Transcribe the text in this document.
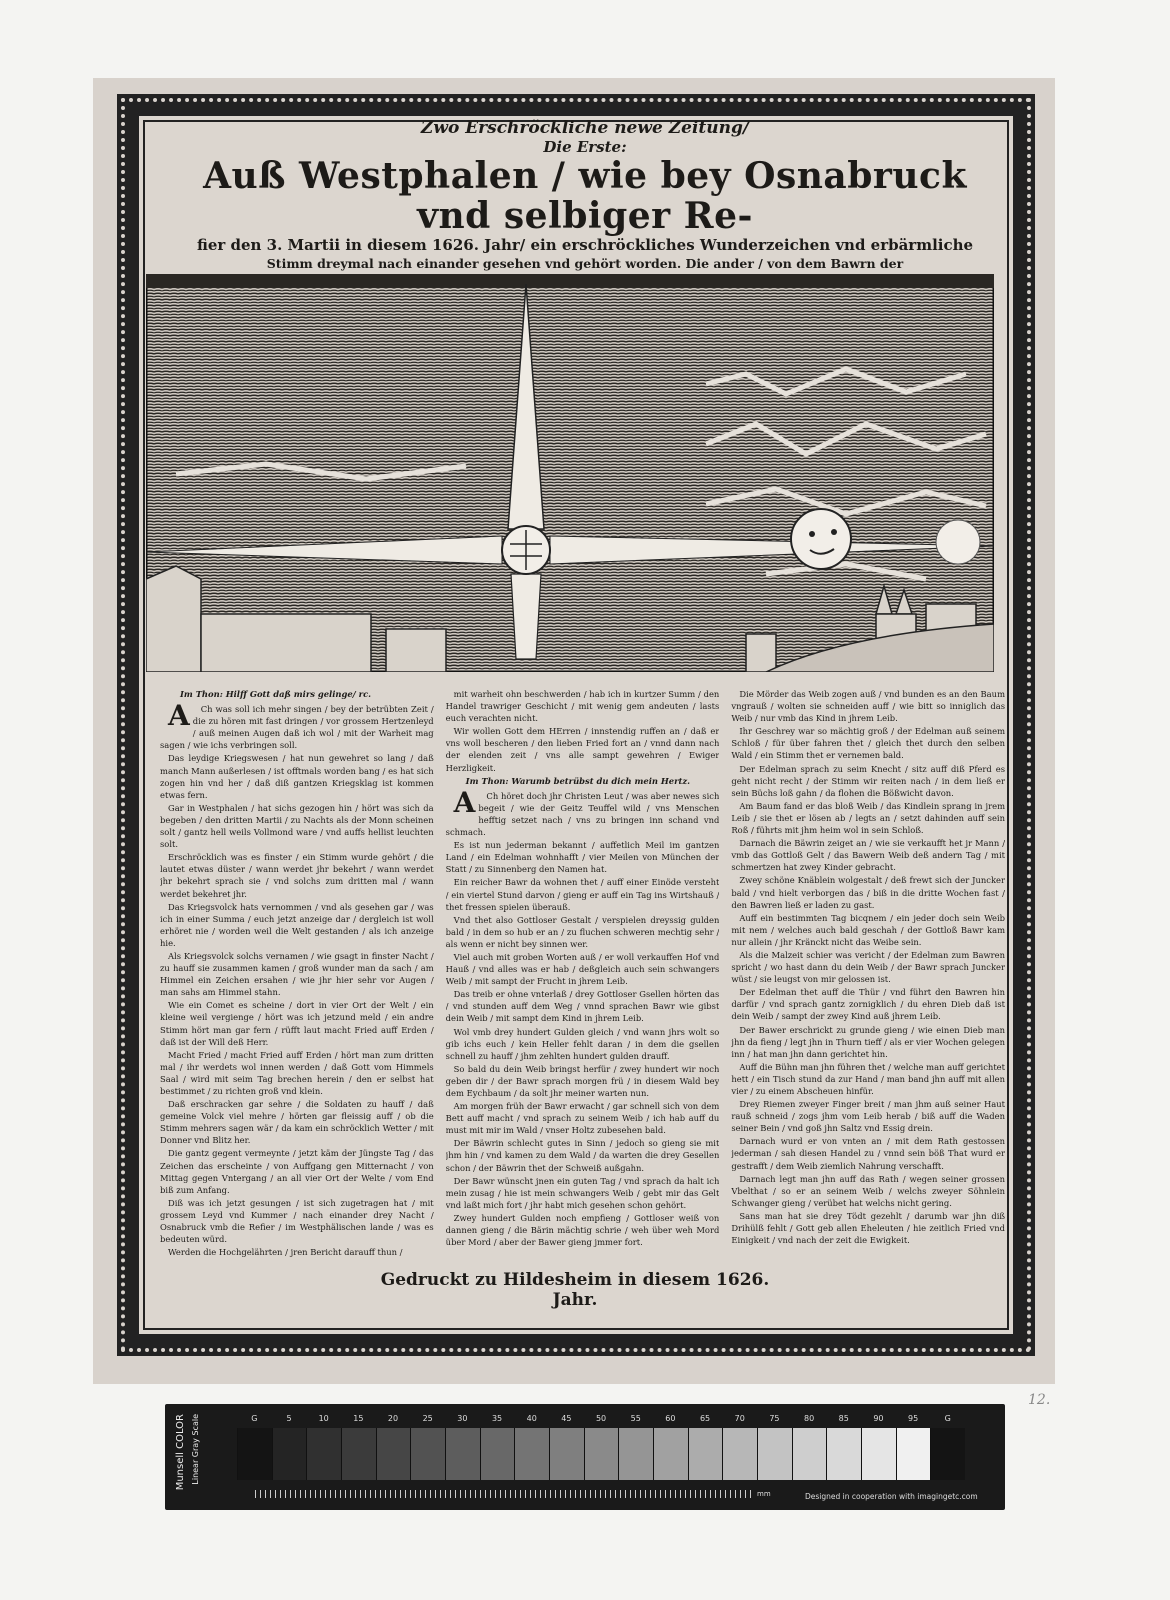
Zwo Erschröckliche newe Zeitung/
Die Erste:
Auß Westphalen / wie bey Osnabruck vnd selbiger Re-
fier den 3. Martii in diesem 1626. Jahr/ ein erschröckliches Wunderzeichen vnd erbärmliche
Stimm dreymal nach einander gesehen vnd gehört worden. Die ander / von dem Bawrn der

Im Thon: Hilff Gott daß mirs gelinge/ rc.

A Ch was soll ich mehr singen / bey der betrübten Zeit / die zu hören mit fast dringen / vor grossem Hertzenleyd / auß meinen Augen daß ich wol / mit der Warheit mag sagen / wie ichs verbringen soll.

Das leydige Kriegswesen / hat nun gewehret so lang / daß manch Mann außerlesen / ist offtmals worden bang / es hat sich zogen hin vnd her / daß diß gantzen Kriegsklag ist kommen etwas fern.

Gar in Westphalen / hat sichs gezogen hin / hört was sich da begeben / den dritten Martii / zu Nachts als der Monn scheinen solt / gantz hell weils Vollmond ware / vnd auffs hellist leuchten solt.

Erschröcklich was es finster / ein Stimm wurde gehört / die lautet etwas düster / wann werdet jhr bekehrt / wann werdet jhr bekehrt sprach sie / vnd solchs zum dritten mal / wann werdet bekehret jhr.

Das Kriegsvolck hats vernommen / vnd als gesehen gar / was ich in einer Summa / euch jetzt anzeige dar / dergleich ist woll erhöret nie / worden weil die Welt gestanden / als ich anzeige hie.

Als Kriegsvolck solchs vernamen / wie gsagt in finster Nacht / zu hauff sie zusammen kamen / groß wunder man da sach / am Himmel ein Zeichen ersahen / wie jhr hier sehr vor Augen / man sahs am Himmel stahn.

Wie ein Comet es scheine / dort in vier Ort der Welt / ein kleine weil vergienge / hört was ich jetzund meld / ein andre Stimm hört man gar fern / rüfft laut macht Fried auff Erden / daß ist der Will deß Herr.

Macht Fried / macht Fried auff Erden / hört man zum dritten mal / ihr werdets wol innen werden / daß Gott vom Himmels Saal / wird mit seim Tag brechen herein / den er selbst hat bestimmet / zu richten groß vnd klein.

Daß erschracken gar sehre / die Soldaten zu hauff / daß gemeine Volck viel mehre / hörten gar fleissig auff / ob die Stimm mehrers sagen wär / da kam ein schröcklich Wetter / mit Donner vnd Blitz her.

Die gantz gegent vermeynte / jetzt käm der Jüngste Tag / das Zeichen das erscheinte / von Auffgang gen Mitternacht / von Mittag gegen Vntergang / an all vier Ort der Welte / vom End biß zum Anfang.

Diß was ich jetzt gesungen / ist sich zugetragen hat / mit grossem Leyd vnd Kummer / nach einander drey Nacht / Osnabruck vmb die Refier / im Westphälischen lande / was es bedeuten würd.

Werden die Hochgelährten / jren Bericht darauff thun /

mit warheit ohn beschwerden / hab ich in kurtzer Summ / den Handel trawriger Geschicht / mit wenig gem andeuten / lasts euch verachten nicht.

Wir wollen Gott dem HErren / innstendig ruffen an / daß er vns woll bescheren / den lieben Fried fort an / vnnd dann nach der elenden zeit / vns alle sampt gewehren / Ewiger Herzligkeit.

Im Thon: Warumb betrübst du dich mein Hertz.

A Ch höret doch jhr Christen Leut / was aber newes sich begeit / wie der Geitz Teuffel wild / vns Menschen hefftig setzet nach / vns zu bringen inn schand vnd schmach.

Es ist nun jederman bekannt / auffetlich Meil im gantzen Land / ein Edelman wohnhafft / vier Meilen von München der Statt / zu Sinnenberg den Namen hat.

Ein reicher Bawr da wohnen thet / auff einer Einöde versteht / ein viertel Stund darvon / gieng er auff ein Tag ins Wirtshauß / thet fressen spielen überauß.

Vnd thet also Gottloser Gestalt / verspielen dreyssig gulden bald / in dem so hub er an / zu fluchen schweren mechtig sehr / als wenn er nicht bey sinnen wer.

Viel auch mit groben Worten auß / er woll verkauffen Hof vnd Hauß / vnd alles was er hab / deßgleich auch sein schwangers Weib / mit sampt der Frucht in jhrem Leib.

Das treib er ohne vnterlaß / drey Gottloser Gsellen hörten das / vnd stunden auff dem Weg / vnnd sprachen Bawr wie gibst dein Weib / mit sampt dem Kind in jhrem Leib.

Wol vmb drey hundert Gulden gleich / vnd wann jhrs wolt so gib ichs euch / kein Heller fehlt daran / in dem die gsellen schnell zu hauff / jhm zehlten hundert gulden drauff.

So bald du dein Weib bringst herfür / zwey hundert wir noch geben dir / der Bawr sprach morgen frü / in diesem Wald bey dem Eychbaum / da solt jhr meiner warten nun.

Am morgen früh der Bawr erwacht / gar schnell sich von dem Bett auff macht / vnd sprach zu seinem Weib / ich hab auff du must mit mir im Wald / vnser Holtz zubesehen bald.

Der Bäwrin schlecht gutes in Sinn / jedoch so gieng sie mit jhm hin / vnd kamen zu dem Wald / da warten die drey Gesellen schon / der Bäwrin thet der Schweiß außgahn.

Der Bawr wünscht jnen ein guten Tag / vnd sprach da halt ich mein zusag / hie ist mein schwangers Weib / gebt mir das Gelt vnd laßt mich fort / jhr habt mich gesehen schon gehört.

Zwey hundert Gulden noch empfieng / Gottloser weiß von dannen gieng / die Bärin mächtig schrie / weh über weh Mord über Mord / aber der Bawer gieng jmmer fort.

Die Mörder das Weib zogen auß / vnd bunden es an den Baum vngrauß / wolten sie schneiden auff / wie bitt so inniglich das Weib / nur vmb das Kind in jhrem Leib.

Ihr Geschrey war so mächtig groß / der Edelman auß seinem Schloß / für über fahren thet / gleich thet durch den selben Wald / ein Stimm thet er vernemen bald.

Der Edelman sprach zu seim Knecht / sitz auff diß Pferd es geht nicht recht / der Stimm wir reiten nach / in dem ließ er sein Büchs loß gahn / da flohen die Bößwicht davon.

Am Baum fand er das bloß Weib / das Kindlein sprang in jrem Leib / sie thet er lösen ab / legts an / setzt dahinden auff sein Roß / führts mit jhm heim wol in sein Schloß.

Darnach die Bäwrin zeiget an / wie sie verkaufft het jr Mann / vmb das Gottloß Gelt / das Bawern Weib deß andern Tag / mit schmertzen hat zwey Kinder gebracht.

Zwey schöne Knäblein wolgestalt / deß frewt sich der Juncker bald / vnd hielt verborgen das / biß in die dritte Wochen fast / den Bawren ließ er laden zu gast.

Auff ein bestimmten Tag bicqnem / ein jeder doch sein Weib mit nem / welches auch bald geschah / der Gottloß Bawr kam nur allein / jhr Kränckt nicht das Weibe sein.

Als die Malzeit schier was vericht / der Edelman zum Bawren spricht / wo hast dann du dein Weib / der Bawr sprach Juncker wüst / sie leugst von mir gelossen ist.

Der Edelman thet auff die Thür / vnd führt den Bawren hin darfür / vnd sprach gantz zornigklich / du ehren Dieb daß ist dein Weib / sampt der zwey Kind auß jhrem Leib.

Der Bawer erschrickt zu grunde gieng / wie einen Dieb man jhn da fieng / legt jhn in Thurn tieff / als er vier Wochen gelegen inn / hat man jhn dann gerichtet hin.

Auff die Bühn man jhn führen thet / welche man auff gerichtet hett / ein Tisch stund da zur Hand / man band jhn auff mit allen vier / zu einem Abscheuen hinfür.

Drey Riemen zweyer Finger breit / man jhm auß seiner Haut rauß schneid / zogs jhm vom Leib herab / biß auff die Waden seiner Bein / vnd goß jhn Saltz vnd Essig drein.

Darnach wurd er von vnten an / mit dem Rath gestossen jederman / sah diesen Handel zu / vnnd sein böß That wurd er gestrafft / dem Weib ziemlich Nahrung verschafft.

Darnach legt man jhn auff das Rath / wegen seiner grossen Vbelthat / so er an seinem Weib / welchs zweyer Söhnlein Schwanger gieng / verübet hat welchs nicht gering.

Sans man hat sie drey Tödt gezehlt / darumb war jhn diß Drihülß fehlt / Gott geb allen Eheleuten / hie zeitlich Fried vnd Einigkeit / vnd nach der zeit die Ewigkeit.

Gedruckt zu Hildesheim in diesem 1626. Jahr.
12.
Munsell COLOR Linear Gray Scale	G	5	10	15	20	25	30	35	40	45	50	55	60	65	70	75	80	85	90	95	G
mm	Designed in cooperation with imagingetc.com
